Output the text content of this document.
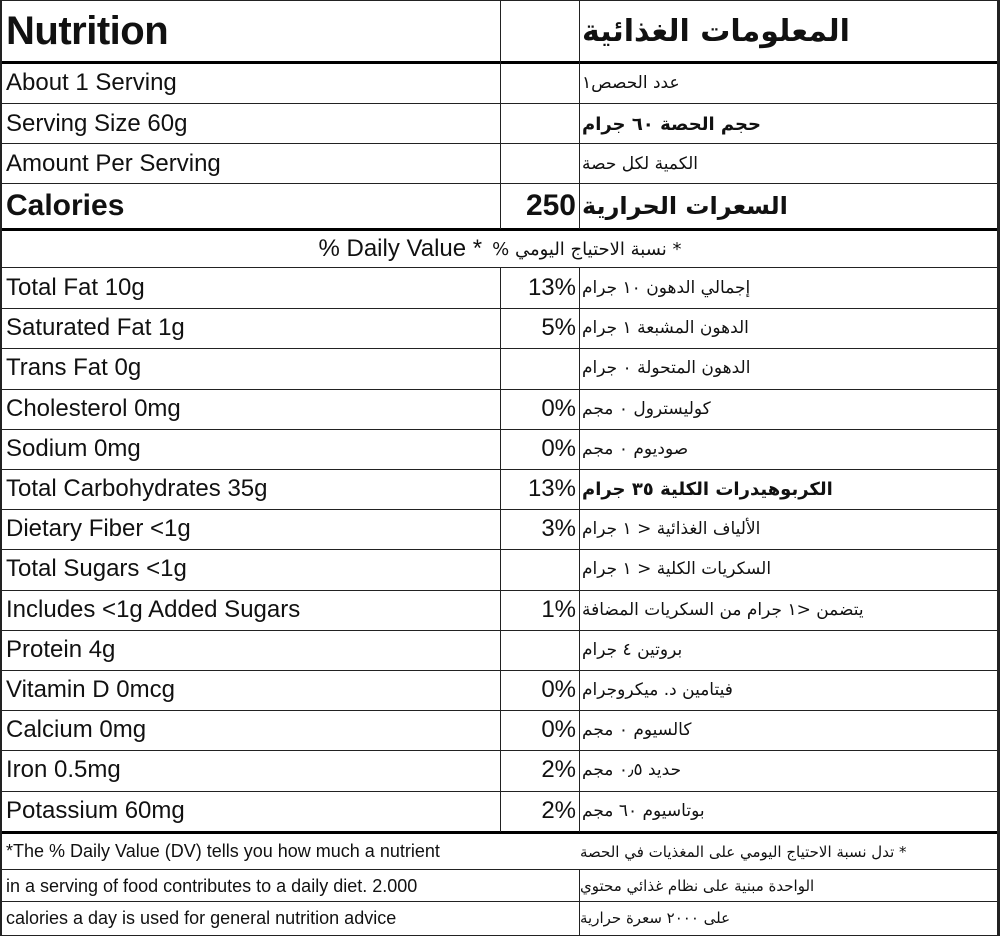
Nutrition	المعلومات الغذائية
About 1 Serving	عدد الحصص١
Serving Size 60g	حجم الحصة ٦٠ جرام
Amount Per Serving	الكمية لكل حصة
Calories	250 السعرات الحرارية
% Daily Value * * نسبة الاحتياج اليومي %
Total Fat 10g	13% إجمالي الدهون ١٠ جرام
Saturated Fat 1g	5% الدهون المشبعة ١ جرام
Trans Fat 0g	الدهون المتحولة ٠ جرام
Cholesterol 0mg	0% كوليسترول ٠ مجم
Sodium 0mg	0% صوديوم ٠ مجم
Total Carbohydrates 35g	13% الكربوهيدرات الكلية ٣٥ جرام
Dietary Fiber <1g	3% الألياف الغذائية < ١ جرام
Total Sugars <1g	السكريات الكلية < ١ جرام
Includes <1g Added Sugars	1% يتضمن <١ جرام من السكريات المضافة
Protein 4g	بروتين ٤ جرام
Vitamin D 0mcg	0% فيتامين د. ميكروجرام
Calcium 0mg	0% كالسيوم ٠ مجم
Iron 0.5mg	2% حديد ٠٫٥ مجم
Potassium 60mg	2% بوتاسيوم ٦٠ مجم
*The % Daily Value (DV) tells you how much a nutrient	* تدل نسبة الاحتياج اليومي على المغذيات في الحصة
in a serving of food contributes to a daily diet. 2.000	الواحدة مبنية على نظام غذائي محتوي
calories a day is used for general nutrition advice	على ٢٠٠٠ سعرة حرارية
